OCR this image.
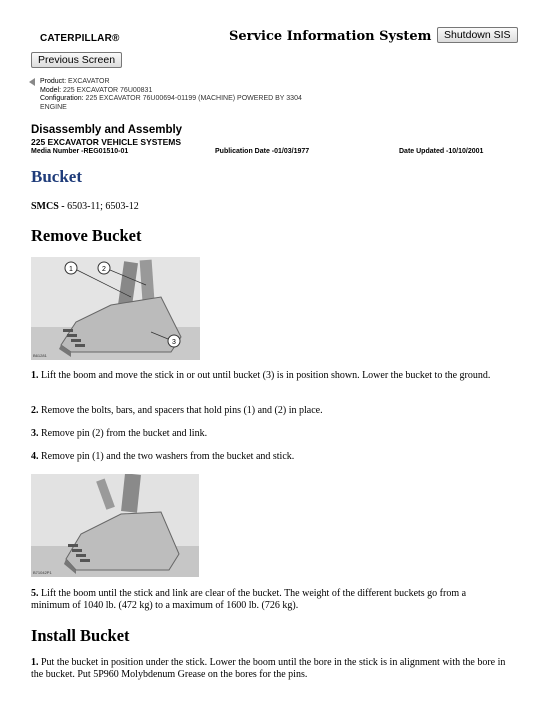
CATERPILLAR®	Service Information System	Shutdown SIS
Previous Screen
Product: EXCAVATOR
Model: 225 EXCAVATOR 76U00831
Configuration: 225 EXCAVATOR 76U00694-01199 (MACHINE) POWERED BY 3304 ENGINE
Disassembly and Assembly
225 EXCAVATOR VEHICLE SYSTEMS
Media Number -REG01510-01	Publication Date -01/03/1977	Date Updated -10/10/2001
Bucket
SMCS - 6503-11; 6503-12
Remove Bucket
1	2
3
B61281
1. Lift the boom and move the stick in or out until bucket (3) is in position shown. Lower the bucket to the ground.
2. Remove the bolts, bars, and spacers that hold pins (1) and (2) in place.
3. Remove pin (2) from the bucket and link.
4. Remove pin (1) and the two washers from the bucket and stick.
B71042P1
5. Lift the boom until the stick and link are clear of the bucket. The weight of the different buckets go from a minimum of 1040 lb. (472 kg) to a maximum of 1600 lb. (726 kg).
Install Bucket
1. Put the bucket in position under the stick. Lower the boom until the bore in the stick is in alignment with the bore in the bucket. Put 5P960 Molybdenum Grease on the bores for the pins.
